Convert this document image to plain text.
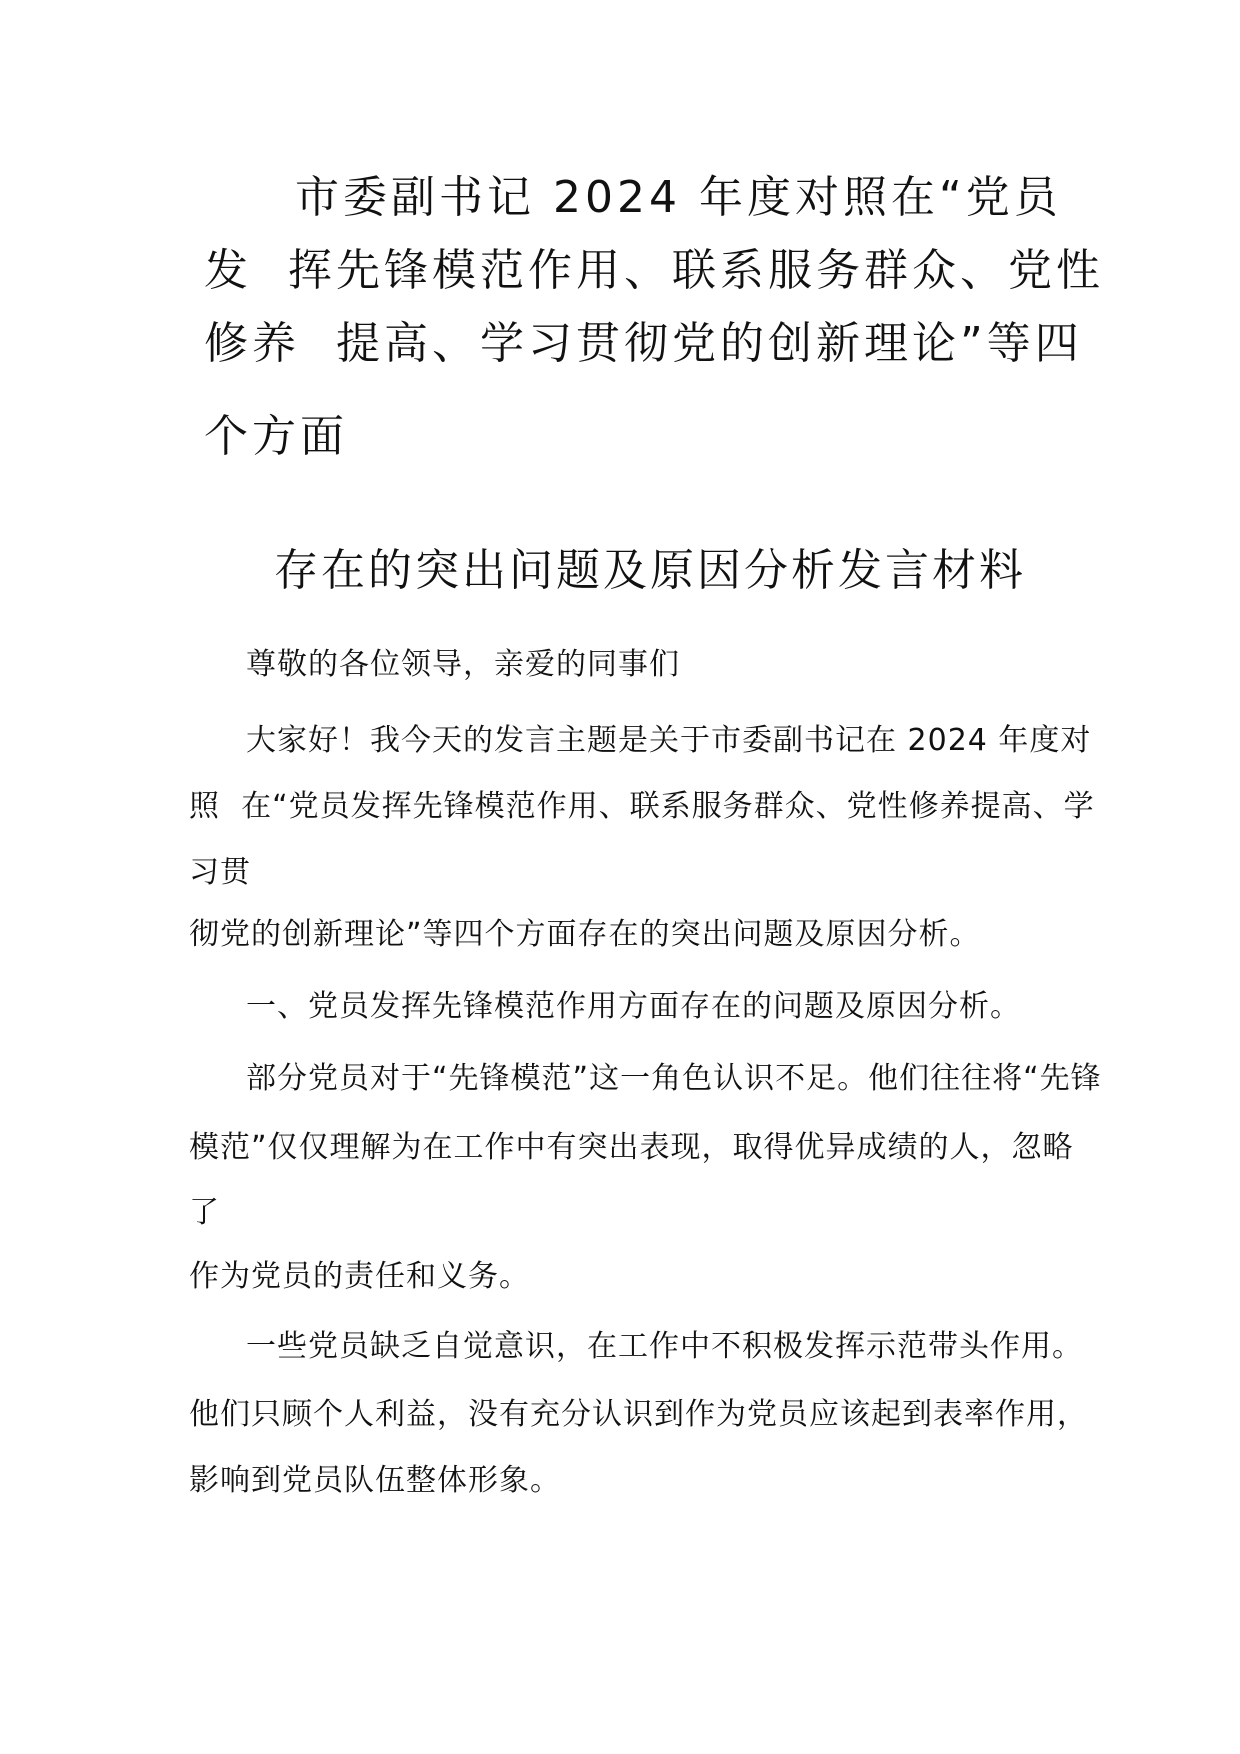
市委副书记 2024 年度对照在“党员
发  挥先锋模范作用、联系服务群众、党性
修养  提高、学习贯彻党的创新理论”等四
个方面
存在的突出问题及原因分析发言材料
尊敬的各位领导，亲爱的同事们
大家好！我今天的发言主题是关于市委副书记在 2024 年度对
照  在“党员发挥先锋模范作用、联系服务群众、党性修养提高、学
习贯
彻党的创新理论”等四个方面存在的突出问题及原因分析。
一、党员发挥先锋模范作用方面存在的问题及原因分析。
部分党员对于“先锋模范”这一角色认识不足。他们往往将“先锋
模范”仅仅理解为在工作中有突出表现，取得优异成绩的人，忽略
了
作为党员的责任和义务。
一些党员缺乏自觉意识，在工作中不积极发挥示范带头作用。
他们只顾个人利益，没有充分认识到作为党员应该起到表率作用，
影响到党员队伍整体形象。
